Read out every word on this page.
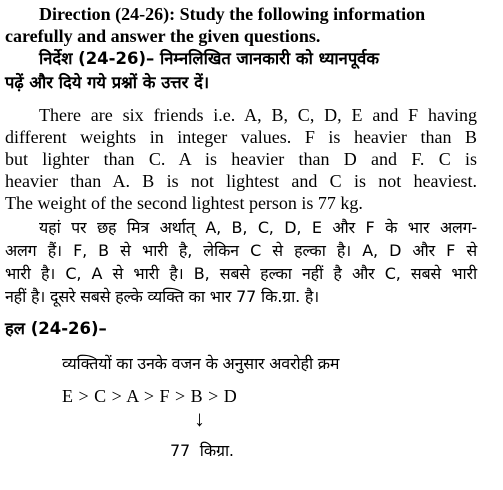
Direction (24-26): Study the following information
carefully and answer the given questions.
निर्देश (24-26)– निम्नलिखित जानकारी को ध्यानपूर्वक
पढ़ें और दिये गये प्रश्नों के उत्तर दें।
There are six friends i.e. A, B, C, D, E and F having
different weights in integer values. F is heavier than B
but lighter than C. A is heavier than D and F. C is
heavier than A. B is not lightest and C is not heaviest.
The weight of the second lightest person is 77 kg.
यहां पर छह मित्र अर्थात् A, B, C, D, E और F के भार अलग-
अलग हैं। F, B से भारी है, लेकिन C से हल्का है। A, D और F से
भारी है। C, A से भारी है। B, सबसे हल्का नहीं है और C, सबसे भारी
नहीं है। दूसरे सबसे हल्के व्यक्ति का भार 77 कि.ग्रा. है।
हल (24-26)–
व्यक्तियों का उनके वजन के अनुसार अवरोही क्रम
E > C > A > F > B > D
↓
77  किग्रा.
